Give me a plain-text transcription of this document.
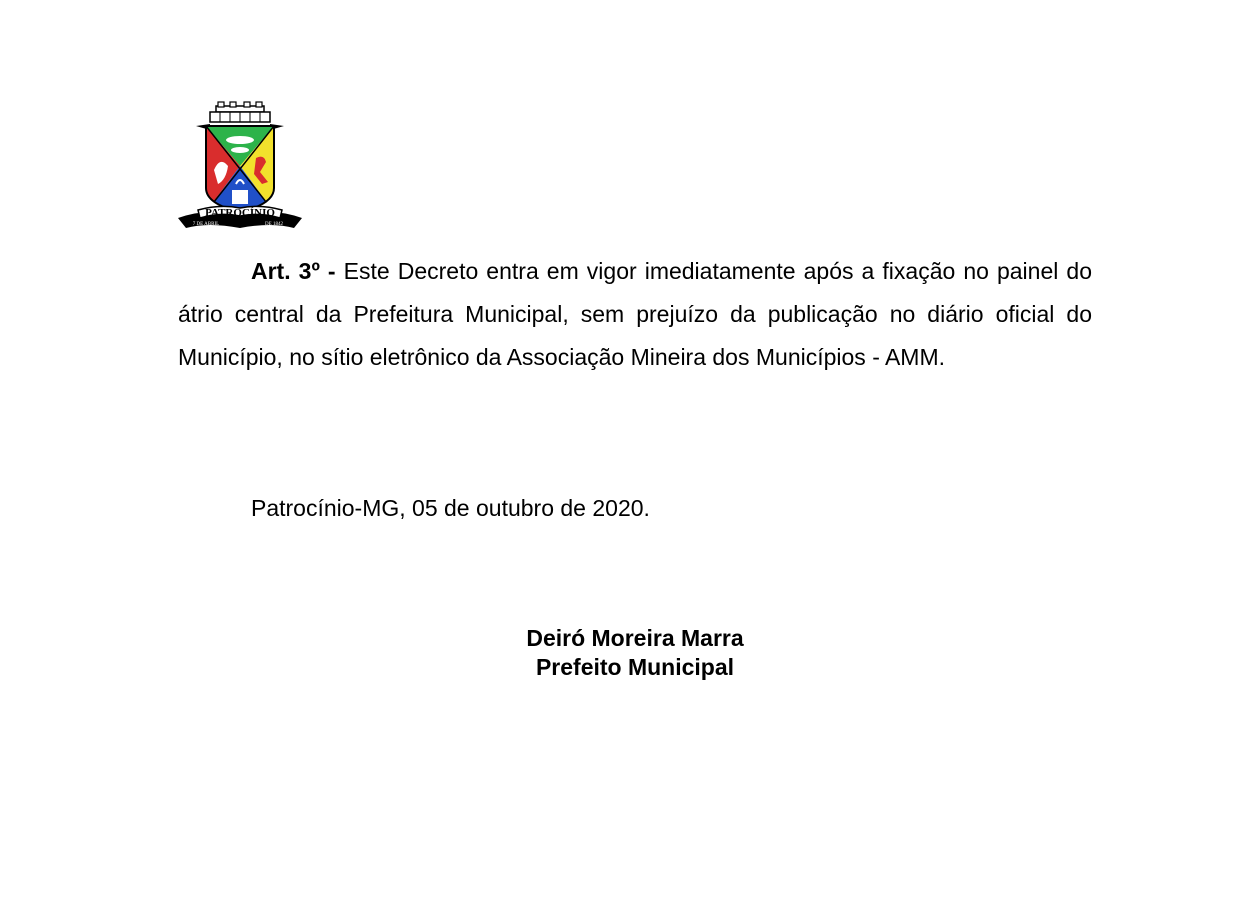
PATROCÍNIO
7 DE ABRIL	DE 1842

Art. 3º - Este Decreto entra em vigor imediatamente após a fixação no painel do átrio central da Prefeitura Municipal, sem prejuízo da publicação no diário oficial do Município, no sítio eletrônico da Associação Mineira dos Municípios - AMM.

Patrocínio-MG, 05 de outubro de 2020.

Deiró Moreira Marra
Prefeito Municipal
